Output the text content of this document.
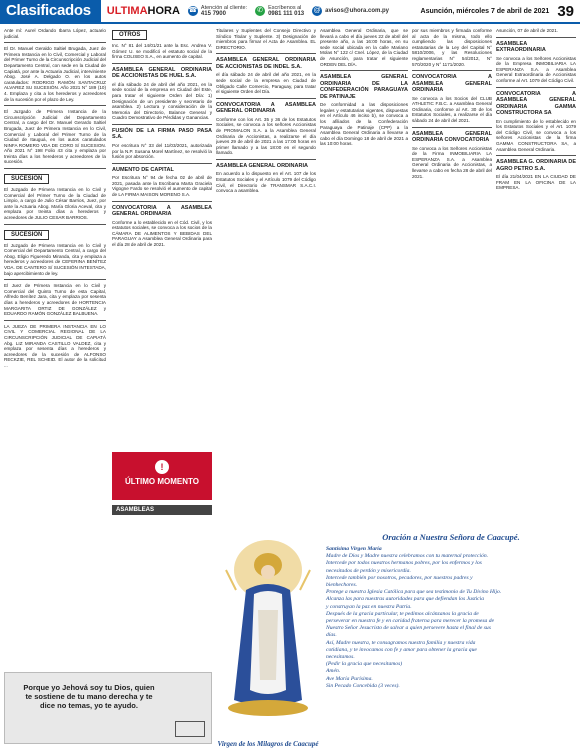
Clasificados	ULTIMAHORA ☎ Atención al cliente:
415 7900
✆ Escríbenos al
0981 111 013
@ avisos@uhora.com.py	Asunción, miércoles 7 de abril de 2021 39

Ante mí: Aurel Ordando Ibarra López, actuario judicial.

El Dr. Manuel Geraldo Saltiel Brugada, Juez de Primera Instancia en lo Civil, Comercial y Laboral del Primer Turno de la Circunscripción Judicial del Departamento Central, con sede en la Ciudad de Capiatá, por ante la Actuaria Judicial, interviniente Abog. José A. Delgado O. en los autos caratulados: RODRIGO RAMÓN SANTACRUZ ALVAREZ SU SUCESIÓN. Año 2021 N° 189 (10) 4. Emplaza y cita a los herederos y acreedores de la sucesión por el plazo de Ley.

El Juzgado de Primera Instancia de la Circunscripción Judicial del Departamento Central, a cargo del Dr. Manuel Gerardo Saltiel Brugada, Juez de Primera Instancia en lo Civil, Comercial y Laboral del Primer Turno de la Ciudad de Itauguá, en los autos caratulados NINFA ROMERO VDA DE CORO S/ SUCESION. Año 2021 N° 198 Folio 43 cita y emplaza por treinta días a los herederos y acreedores de la sucesión.

SUCESION

El Juzgado de Primera Instancia en lo Civil y Comercial del Primer Turno de la Ciudad de Limpio, a cargo de Julio César Barrios, Juez, por ante la Actuaria Abog. María Gloria Aceval, cita y emplaza por treinta días a herederos y acreedores de JULIO CESAR BARRIOS.

SUCESION

El Juzgado de Primera Instancia en lo Civil y Comercial del Departamento Central, a cargo del Abog. Eligio Figueredo Miranda, cita y emplaza a herederos y acreedores de CEFERINA BENÍTEZ VDA. DE CANTERO S/ SUCESIÓN INTESTADA, bajo apercibimiento de ley.

El Juez de Primera Instancia en lo Civil y Comercial del Quinto Turno de esta Capital, Alfredo Benítez Jara, cita y emplaza por sesenta días a herederos y acreedores de HORTENCIA MARGARITA ORTIZ DE GONZÁLEZ y EDUARDO RAMÓN GONZÁLEZ BALBUENA.

LA JUEZA DE PRIMERA INSTANCIA EN LO CIVIL Y COMERCIAL REGIONAL DE LA CIRCUNSCRIPCIÓN JUDICIAL DE CAPIATÁ Abg. LIZ MIRANDA CASTILLO VALDEZ, cita y emplaza por sesenta días a herederos y acreedores de la sucesión de ALFONSO RECKZIE, REL SCHEID. El autor de la solicitud ...

OTROS

Inc. N° 81 del 14/01/21 ante la Esc. Andrea V. Gómez U. se modificó el estatuto social de la firma COLISEO S.A., en aumento de capital.

ASAMBLEA GENERAL ORDINARIA DE ACCIONISTAS DE HUEL S.A.

el día sábado 24 de abril del año 2021, en la sede social de la empresa en Ciudad del Este, para tratar el siguiente Orden del Día: 1) Designación de un presidente y secretario de asamblea. 2) Lectura y consideración de la Memoria del Directorio, Balance General y Cuadro Demostrativo de Pérdidas y Ganancias.

FUSIÓN DE LA FIRMA PASO PASA S.A.

Por escritura N° 33 del 11/03/2021, autorizada por la N.P. Susana Morel Martínez, se resolvió la fusión por absorción.

AUMENTO DE CAPITAL

Por Escritura N° 94 de fecha 02 de abril de 2021, pasada ante la Escribana Marta Graciela Vigogne Fardo se resolvió el aumento de capital de LA FIRMA MAISON MORENO S.A.

CONVOCATORIA A ASAMBLEA GENERAL ORDINARIA

Conforme a lo establecido en el Cód. Civil, y los estatutos sociales, se convoca a los socios de la CÁMARA DE ALIMENTOS Y BEBIDAS DEL PARAGUAY a Asamblea General Ordinaria para el día 28 de abril de 2021.

Titulares y Suplentes del Consejo Directivo y Síndico Titular y Suplente. 3) Designación de miembros para firmar el Acta de Asamblea. EL DIRECTORIO.

ASAMBLEA GENERAL ORDINARIA DE ACCIONISTAS DE INDEL S.A.

el día sábado 24 de abril del año 2021, en la sede social de la empresa en Ciudad de Obligado Calle Comercio, Paraguay, para tratar el siguiente Orden del Día.

CONVOCATORIA A ASAMBLEA GENERAL ORDINARIA

Conforme con los Art. 35 y 36 de los Estatutos Sociales, se convoca a los señores Accionistas de PROMALON S.A. a la Asamblea General Ordinaria de Accionistas, a realizarse el día jueves 29 de abril de 2021 a las 17:00 horas en primer llamado y a las 18:00 en el segundo llamado.

ASAMBLEA GENERAL ORDINARIA

En acuerdo a lo dispuesto en el Art. 107 de los Estatutos Sociales y el Artículo 1079 del Código Civil, el Directorio de TRANSMAR S.A.C.I. convoca a asamblea.

Asamblea General Ordinaria, que se llevará a cabo el día jueves 22 de abril del presente año, a las 16:00 horas, en su sede social ubicada en la calle Mariano Molas N° 122 c/ Cnel. López, de la Ciudad de Asunción, para tratar el siguiente ORDEN DEL DÍA.

ASAMBLEA GENERAL ORDINARIA DE LA CONFEDERACIÓN PARAGUAYA DE PATINAJE

De conformidad a las disposiciones legales y estatutarias vigentes, dispuestas en el Artículo 46 inciso b), se convoca a los afiliados de la Confederación Paraguaya de Patinaje (CPP) a la Asamblea General Ordinaria a llevarse a cabo el día Domingo 18 de abril de 2021 a las 10:00 horas.

por sus miembros y firmada conforme al acta de la misma, todo ello cumpliendo las disposiciones estatutarias de la Ley del Capital N° 5810/2006, y las Resoluciones reglamentarias N° 54/2012, N° 570/2020 y N° 1171/2020.

CONVOCATORIA A ASAMBLEA GENERAL ORDINARIA

Se convoca a los Socios del CLUB ATHLETIC F.B.C. a Asamblea General Ordinaria, conforme al Art. 30 de los Estatutos Sociales, a realizarse el día sábado 24 de abril del 2021.

ASAMBLEA GENERAL ORDINARIA CONVOCATORIA

Se convoca a los Señores Accionistas de la Firma INMOBILIARIA LA ESPERANZA S.A. a Asamblea General Ordinaria de Accionistas, a llevarse a cabo en fecha 28 de abril del 2021.

Asunción, 07 de abril de 2021.

ASAMBLEA EXTRAORDINARIA

Se convoca a los Señores Accionistas de la Empresa INMOBILIARIA LA ESPERANZA S.A. a Asamblea General Extraordinaria de Accionistas conforme al Art. 1079 del Código Civil.

CONVOCATORIA A ASAMBLEA GENERAL ORDINARIA GAMMA CONSTRUCTORA SA

En cumplimiento de lo establecido en los Estatutos Sociales y el Art. 1079 del Código Civil, se convoca a los señores Accionistas de la firma GAMMA CONSTRUCTORA SA, a Asamblea General Ordinaria.

ASAMBLEA G. ORDINARIA DE AGRO PETRO S.A.

El día 21/04/2021 EN LA CIUDAD DE FRAM EN LA OFICINA DE LA EMPRESA.

!
ÚLTIMO MOMENTO
ASAMBLEAS
Porque yo Jehová soy tu Dios, quien te sostiene de tu mano derecha y te dice no temas, yo te ayudo.
Virgen de los Milagros de Caacupé
Oración a Nuestra Señora de Caacupé.
Santísima Virgen María
Madre de Dios y Madre nuestra celebramos con tu maternal protección.
Intercede por todos nuestros hermanos pobres, por los enfermos y los
necesitados de perdón y misericordia.
Intercede también por nosotros, pecadores, por nuestros padres y
bienhechores.
Protege a nuestra Iglesia Católica para que sea testimonio de Tu Divino Hijo.
Alcanza las para nuestras autoridades para que defiendan los Justicia
y construyan la paz en nuestra Patria.
Después de la gracia particular, te pedimos alcánzanos la gracia de
perseverar en nuestra fe y en caridad fraterna para merecer la promesa de
Nuestro Señor Jesucristo de salvar a quien persevere hasta el final de sus
días.
Así, Madre nuestra, te consagramos nuestra familia y nuestra vida
cotidiana, y te invocamos con fe y amor para obtener la gracia que
necesitamos.
(Pedir la gracia que necesitamos)
Amén.
Ave María Purísima.
Sin Pecado Concebida (3 veces).
